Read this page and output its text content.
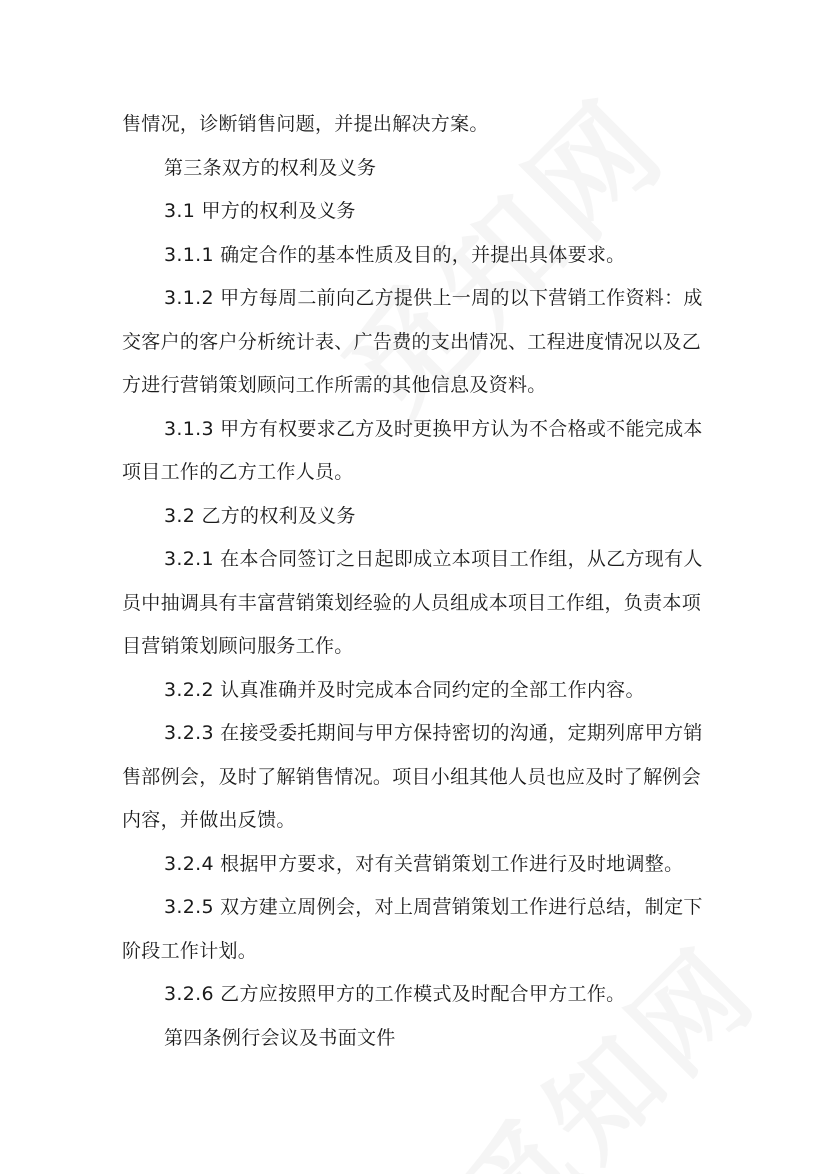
售情况，诊断销售问题，并提出解决方案。
第三条双方的权利及义务
3.1 甲方的权利及义务
3.1.1 确定合作的基本性质及目的，并提出具体要求。
3.1.2 甲方每周二前向乙方提供上一周的以下营销工作资料：成
交客户的客户分析统计表、广告费的支出情况、工程进度情况以及乙
方进行营销策划顾问工作所需的其他信息及资料。
3.1.3 甲方有权要求乙方及时更换甲方认为不合格或不能完成本
项目工作的乙方工作人员。
3.2 乙方的权利及义务
3.2.1 在本合同签订之日起即成立本项目工作组，从乙方现有人
员中抽调具有丰富营销策划经验的人员组成本项目工作组，负责本项
目营销策划顾问服务工作。
3.2.2 认真准确并及时完成本合同约定的全部工作内容。
3.2.3 在接受委托期间与甲方保持密切的沟通，定期列席甲方销
售部例会，及时了解销售情况。项目小组其他人员也应及时了解例会
内容，并做出反馈。
3.2.4 根据甲方要求，对有关营销策划工作进行及时地调整。
3.2.5 双方建立周例会，对上周营销策划工作进行总结，制定下
阶段工作计划。
3.2.6 乙方应按照甲方的工作模式及时配合甲方工作。
第四条例行会议及书面文件
